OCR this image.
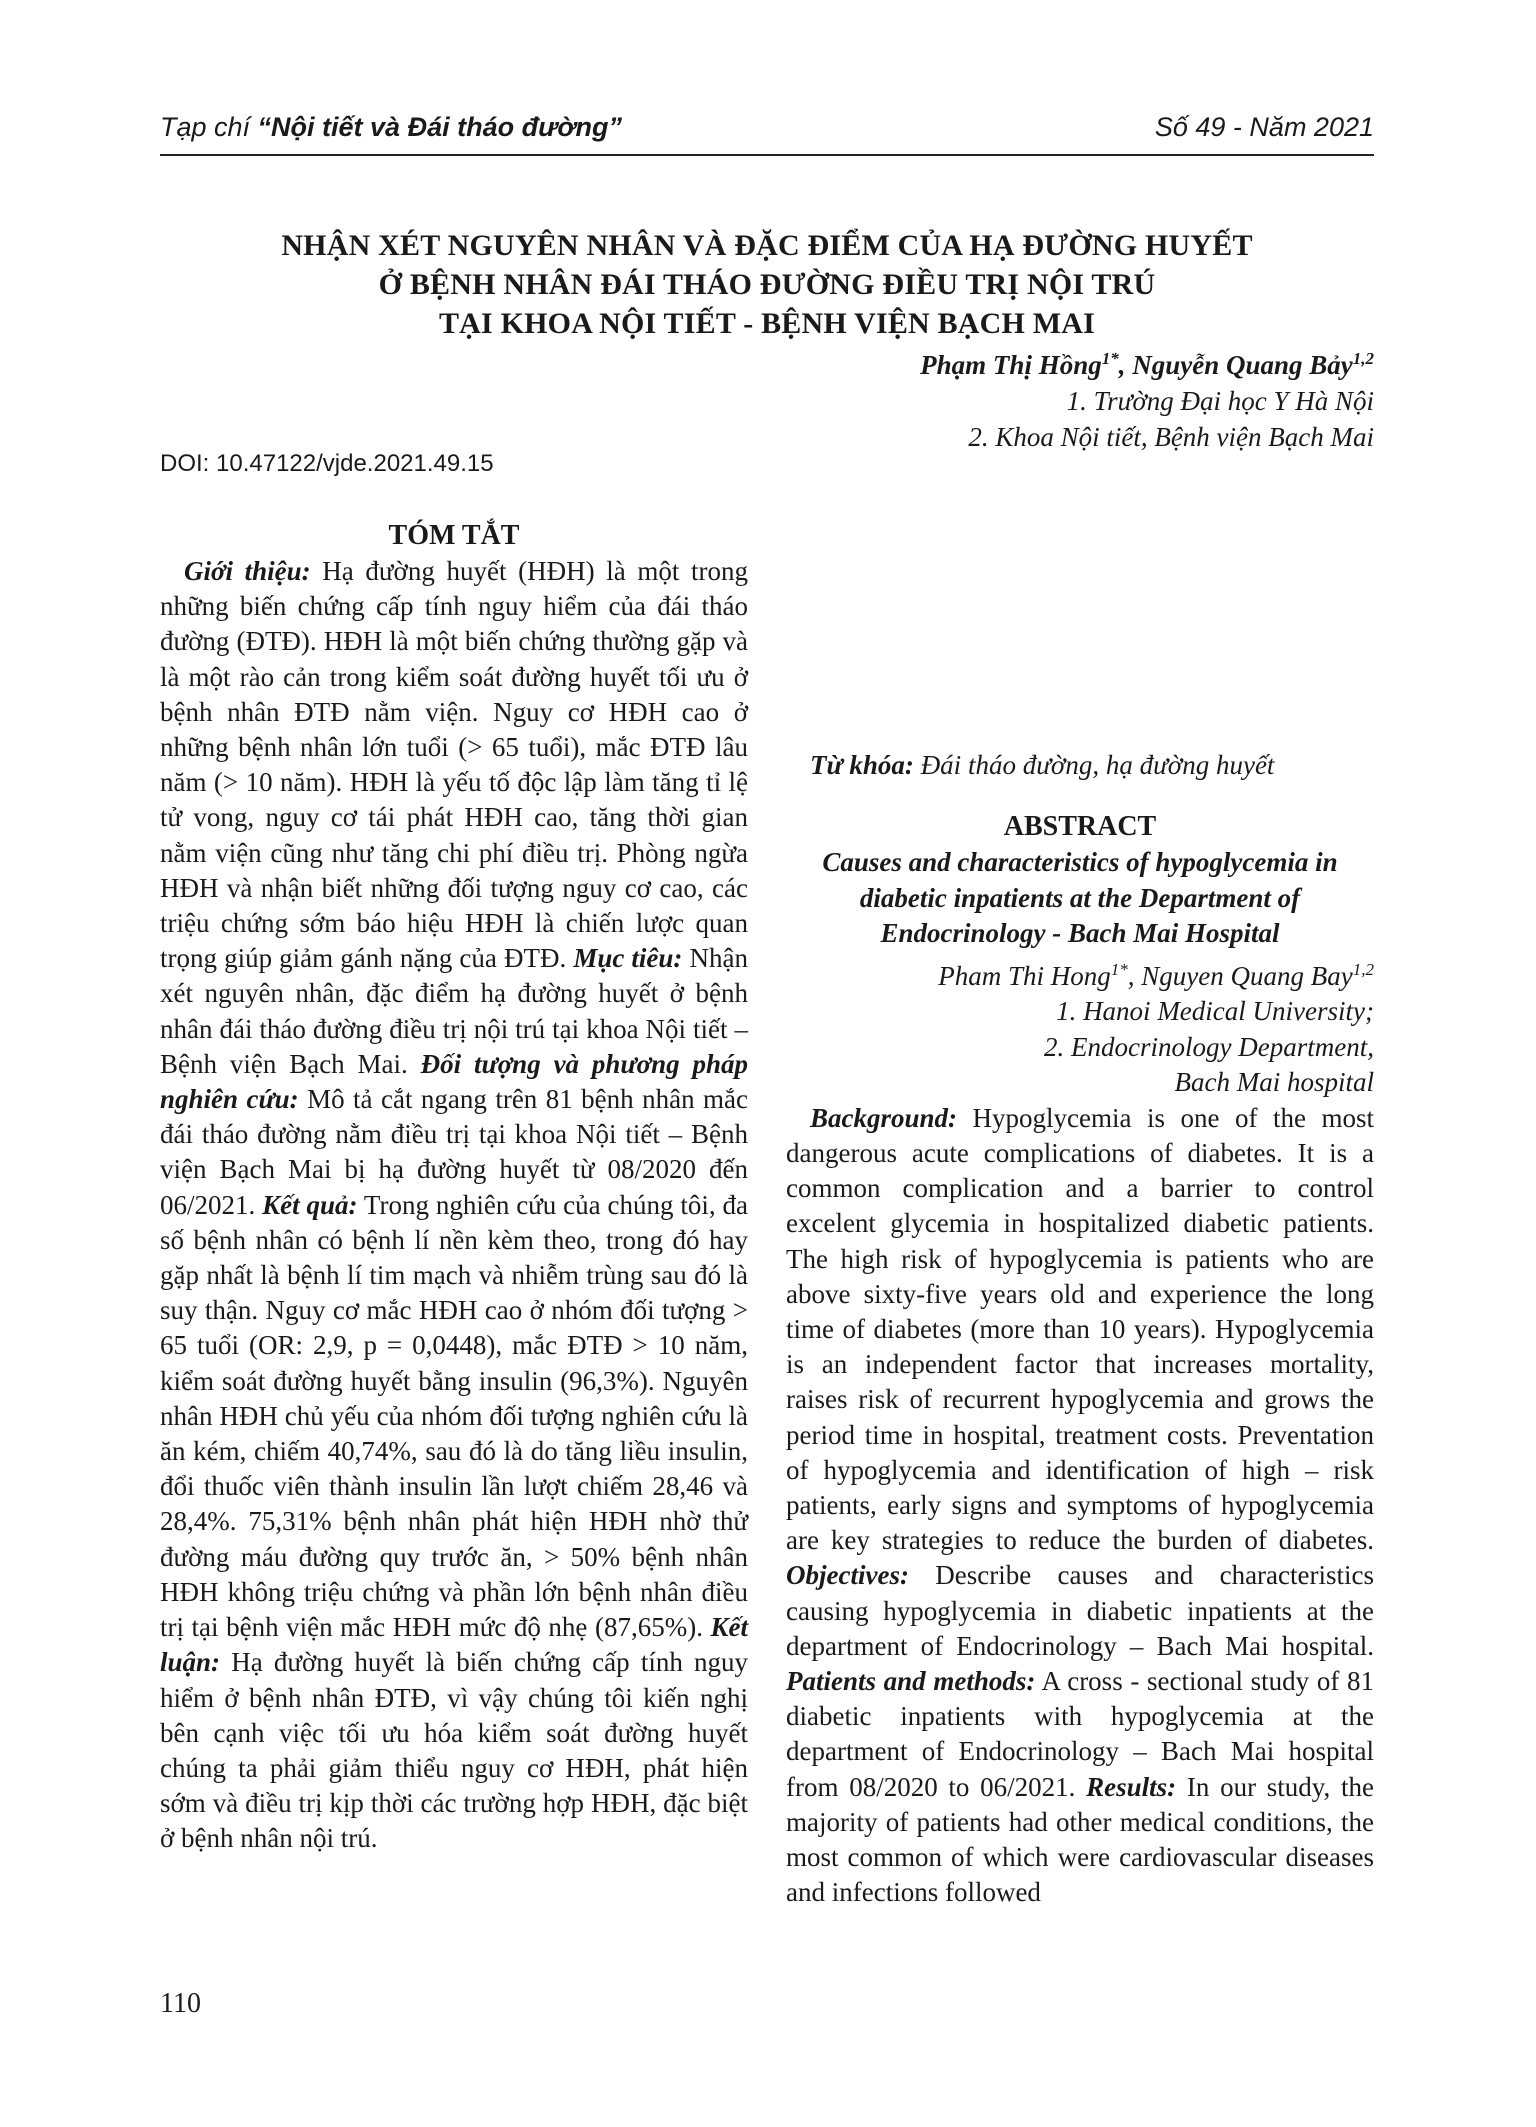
Tạp chí “Nội tiết và Đái tháo đường”	Số 49 - Năm 2021
NHẬN XÉT NGUYÊN NHÂN VÀ ĐẶC ĐIỂM CỦA HẠ ĐƯỜNG HUYẾT
Ở BỆNH NHÂN ĐÁI THÁO ĐƯỜNG ĐIỀU TRỊ NỘI TRÚ
TẠI KHOA NỘI TIẾT - BỆNH VIỆN BẠCH MAI
Phạm Thị Hồng$^{1*}$, Nguyễn Quang Bảy$^{1,2}$
1. Trường Đại học Y Hà Nội
2. Khoa Nội tiết, Bệnh viện Bạch Mai
DOI: 10.47122/vjde.2021.49.15
TÓM TẮT

Giới thiệu: Hạ đường huyết (HĐH) là một trong những biến chứng cấp tính nguy hiểm của đái tháo đường (ĐTĐ). HĐH là một biến chứng thường gặp và là một rào cản trong kiểm soát đường huyết tối ưu ở bệnh nhân ĐTĐ nằm viện. Nguy cơ HĐH cao ở những bệnh nhân lớn tuổi (> 65 tuổi), mắc ĐTĐ lâu năm (> 10 năm). HĐH là yếu tố độc lập làm tăng tỉ lệ tử vong, nguy cơ tái phát HĐH cao, tăng thời gian nằm viện cũng như tăng chi phí điều trị. Phòng ngừa HĐH và nhận biết những đối tượng nguy cơ cao, các triệu chứng sớm báo hiệu HĐH là chiến lược quan trọng giúp giảm gánh nặng của ĐTĐ. Mục tiêu: Nhận xét nguyên nhân, đặc điểm hạ đường huyết ở bệnh nhân đái tháo đường điều trị nội trú tại khoa Nội tiết – Bệnh viện Bạch Mai. Đối tượng và phương pháp nghiên cứu: Mô tả cắt ngang trên 81 bệnh nhân mắc đái tháo đường nằm điều trị tại khoa Nội tiết – Bệnh viện Bạch Mai bị hạ đường huyết từ 08/2020 đến 06/2021. Kết quả: Trong nghiên cứu của chúng tôi, đa số bệnh nhân có bệnh lí nền kèm theo, trong đó hay gặp nhất là bệnh lí tim mạch và nhiễm trùng sau đó là suy thận. Nguy cơ mắc HĐH cao ở nhóm đối tượng > 65 tuổi (OR: 2,9, p = 0,0448), mắc ĐTĐ > 10 năm, kiểm soát đường huyết bằng insulin (96,3%). Nguyên nhân HĐH chủ yếu của nhóm đối tượng nghiên cứu là ăn kém, chiếm 40,74%, sau đó là do tăng liều insulin, đổi thuốc viên thành insulin lần lượt chiếm 28,46 và 28,4%. 75,31% bệnh nhân phát hiện HĐH nhờ thử đường máu đường quy trước ăn, > 50% bệnh nhân HĐH không triệu chứng và phần lớn bệnh nhân điều trị tại bệnh viện mắc HĐH mức độ nhẹ (87,65%). Kết luận: Hạ đường huyết là biến chứng cấp tính nguy hiểm ở bệnh nhân ĐTĐ, vì vậy chúng tôi kiến nghị bên cạnh việc tối ưu hóa kiểm soát đường huyết chúng ta phải giảm thiểu nguy cơ HĐH, phát hiện sớm và điều trị kịp thời các trường hợp HĐH, đặc biệt ở bệnh nhân nội trú.

Từ khóa: Đái tháo đường, hạ đường huyết

ABSTRACT
Causes and characteristics of hypoglycemia in
diabetic inpatients at the Department of
Endocrinology - Bach Mai Hospital
Pham Thi Hong$^{1*}$, Nguyen Quang Bay$^{1,2}$
1. Hanoi Medical University;
2. Endocrinology Department,
Bach Mai hospital

Background: Hypoglycemia is one of the most dangerous acute complications of diabetes. It is a common complication and a barrier to control excelent glycemia in hospitalized diabetic patients. The high risk of hypoglycemia is patients who are above sixty-five years old and experience the long time of diabetes (more than 10 years). Hypoglycemia is an independent factor that increases mortality, raises risk of recurrent hypoglycemia and grows the period time in hospital, treatment costs. Preventation of hypoglycemia and identification of high – risk patients, early signs and symptoms of hypoglycemia are key strategies to reduce the burden of diabetes. Objectives: Describe causes and characteristics causing hypoglycemia in diabetic inpatients at the department of Endocrinology – Bach Mai hospital. Patients and methods: A cross - sectional study of 81 diabetic inpatients with hypoglycemia at the department of Endocrinology – Bach Mai hospital from 08/2020 to 06/2021. Results: In our study, the majority of patients had other medical conditions, the most common of which were cardiovascular diseases and infections followed

110
